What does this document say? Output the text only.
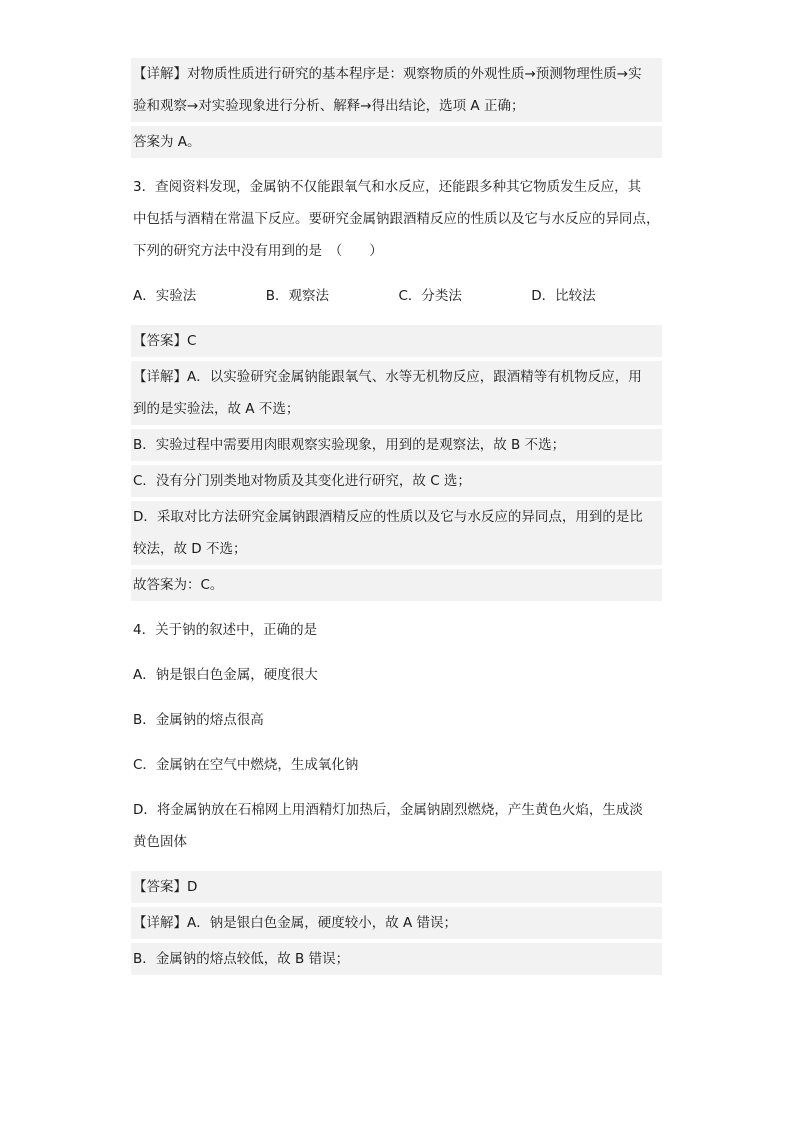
【详解】对物质性质进行研究的基本程序是：观察物质的外观性质→预测物理性质→实
验和观察→对实验现象进行分析、解释→得出结论，选项 A 正确；
答案为 A。
3．查阅资料发现，金属钠不仅能跟氧气和水反应，还能跟多种其它物质发生反应，其
中包括与酒精在常温下反应。要研究金属钠跟酒精反应的性质以及它与水反应的异同点，
下列的研究方法中没有用到的是　（　　）
A．实验法	B．观察法	C．分类法	D．比较法
【答案】C
【详解】A．以实验研究金属钠能跟氧气、水等无机物反应，跟酒精等有机物反应，用
到的是实验法，故 A 不选；
B．实验过程中需要用肉眼观察实验现象，用到的是观察法，故 B 不选；
C．没有分门别类地对物质及其变化进行研究，故 C 选；
D．采取对比方法研究金属钠跟酒精反应的性质以及它与水反应的异同点，用到的是比
较法，故 D 不选；
故答案为：C。
4．关于钠的叙述中，正确的是
A．钠是银白色金属，硬度很大
B．金属钠的熔点很高
C．金属钠在空气中燃烧，生成氧化钠
D．将金属钠放在石棉网上用酒精灯加热后，金属钠剧烈燃烧，产生黄色火焰，生成淡
黄色固体
【答案】D
【详解】A．钠是银白色金属，硬度较小，故 A 错误；
B．金属钠的熔点较低，故 B 错误；
